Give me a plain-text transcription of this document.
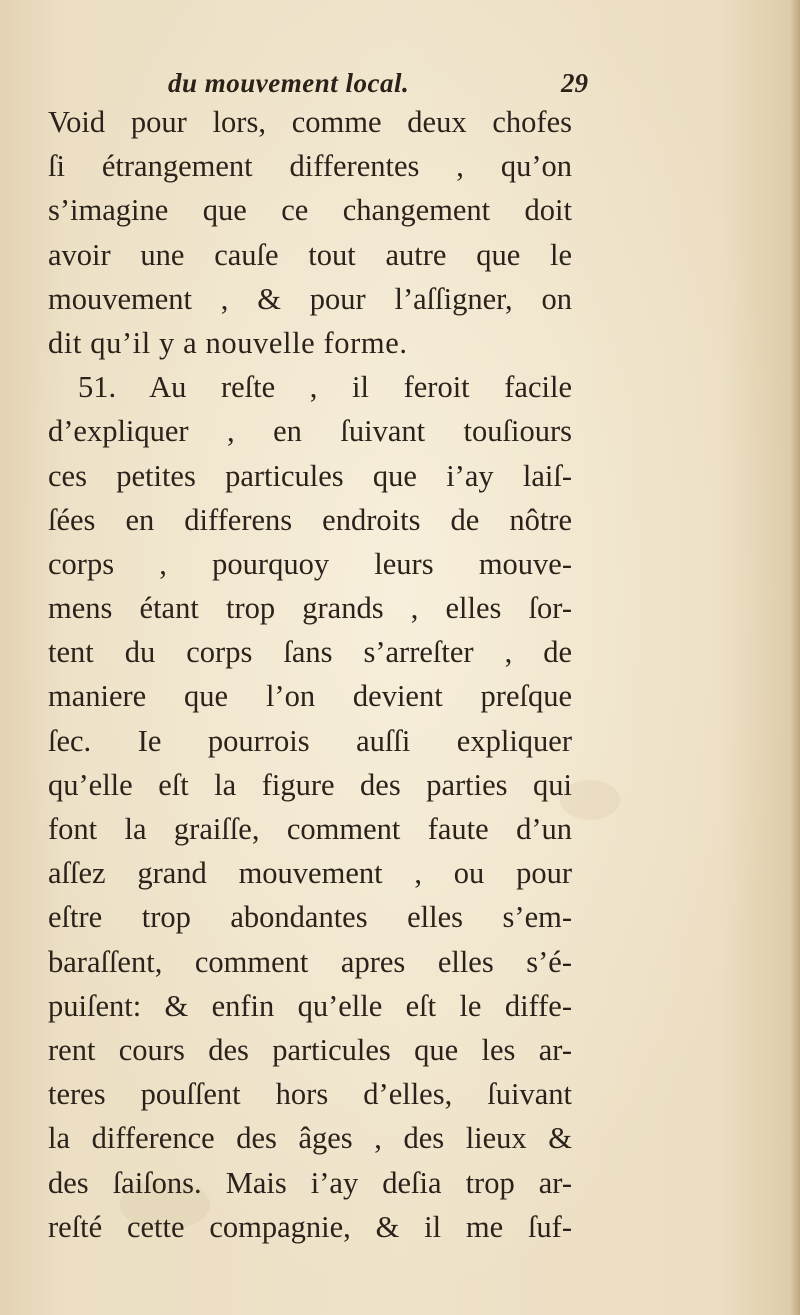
du mouvement local.	29
Void pour lors, comme deux chofes
ſi étrangement differentes , qu’on
s’imagine que ce changement doit
avoir une cauſe tout autre que le
mouvement , & pour l’aſſigner, on
dit qu’il y a nouvelle forme.
51. Au reſte , il feroit facile
d’expliquer , en ſuivant touſiours
ces petites particules que i’ay laiſ-
ſées en differens endroits de nôtre
corps , pourquoy leurs mouve-
mens étant trop grands , elles ſor-
tent du corps ſans s’arreſter , de
maniere que l’on devient preſque
ſec. Ie pourrois auſſi expliquer
qu’elle eſt la figure des parties qui
font la graiſſe, comment faute d’un
aſſez grand mouvement , ou pour
eſtre trop abondantes elles s’em-
baraſſent, comment apres elles s’é-
puiſent: & enfin qu’elle eſt le diffe-
rent cours des particules que les ar-
teres pouſſent hors d’elles, ſuivant
la difference des âges , des lieux &
des ſaiſons. Mais i’ay deſia trop ar-
reſté cette compagnie, & il me ſuf-
